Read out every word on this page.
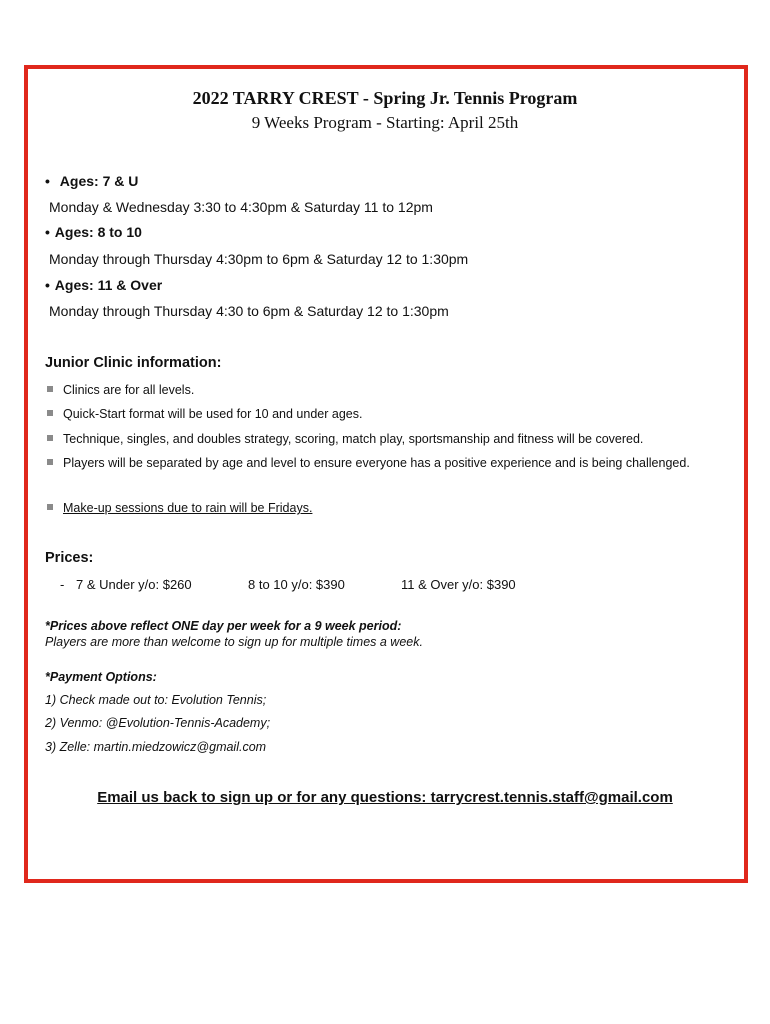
2022 TARRY CREST - Spring Jr. Tennis Program
9 Weeks Program - Starting: April 25th
• Ages: 7 & U
Monday & Wednesday 3:30 to 4:30pm & Saturday 11 to 12pm
• Ages: 8 to 10
Monday through Thursday 4:30pm to 6pm & Saturday 12 to 1:30pm
• Ages: 11 & Over
Monday through Thursday 4:30 to 6pm & Saturday 12 to 1:30pm
Junior Clinic information:
Clinics are for all levels.
Quick-Start format will be used for 10 and under ages.
Technique, singles, and doubles strategy, scoring, match play, sportsmanship and fitness will be covered.
Players will be separated by age and level to ensure everyone has a positive experience and is being challenged.
Make-up sessions due to rain will be Fridays.
Prices:
- 7 & Under y/o: $260	8 to 10 y/o: $390	11 & Over y/o: $390
*Prices above reflect ONE day per week for a 9 week period:
Players are more than welcome to sign up for multiple times a week.
*Payment Options:
1) Check made out to: Evolution Tennis;
2) Venmo: @Evolution-Tennis-Academy;
3) Zelle: martin.miedzowicz@gmail.com
Email us back to sign up or for any questions: tarrycrest.tennis.staff@gmail.com
